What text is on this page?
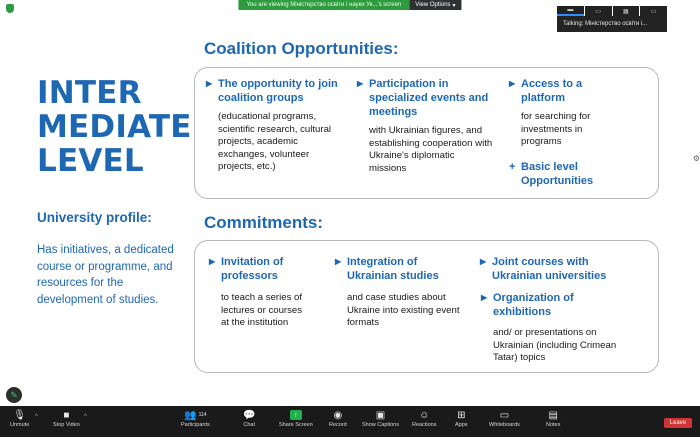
You are viewing Міністерство освіти і науки Ук...'s screen	View Options ▾
▬	▭	▦	▭
Talking: Міністерство освіти і...
INTER
MEDIATE
LEVEL
University profile:
Has initiatives, a dedicated course or programme, and resources for the development of studies.
Coalition Opportunities:
▶ The opportunity to join coalition groups
(educational programs, scientific research, cultural projects, academic exchanges, volunteer projects, etc.)
▶ Participation in specialized events and meetings
with Ukrainian figures, and establishing cooperation with Ukraine's diplomatic missions
▶ Access to a platform
for searching for investments in programs
+ Basic level Opportunities
Commitments:
▶ Invitation of professors
to teach a series of lectures or courses at the institution
▶ Integration of Ukrainian studies
and case studies about Ukraine into existing event formats
▶ Joint courses with Ukrainian universities
▶ Organization of exhibitions
and/ or presentations on Ukrainian (including Crimean Tatar) topics
⚙
✎
🎙
Unmute
^	■
Stop Video
^	👥 114
Participants
💬
Chat
↑
Share Screen
◉
Record
▣
Show Captions
☺
Reactions
⊞
Apps
▭
Whiteboards
▤
Notes	Leave
